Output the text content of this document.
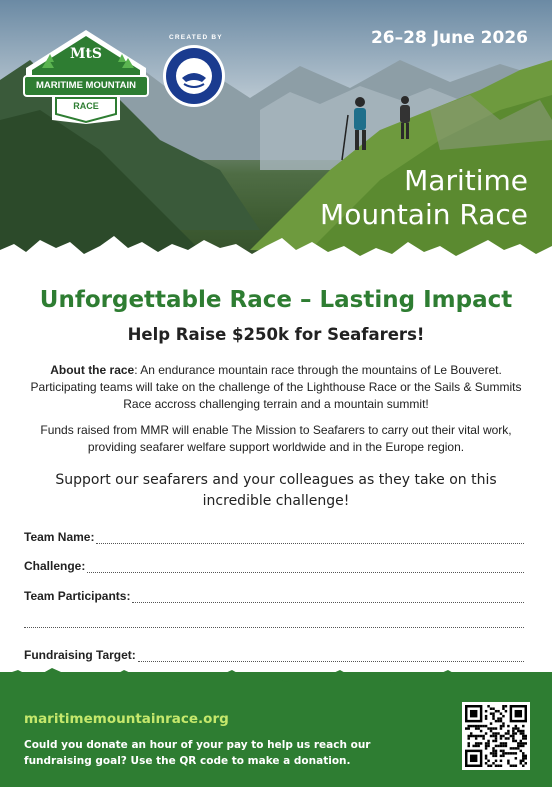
MtS
MARITIME MOUNTAIN
RACE
CREATED BY	26–28 June 2026
Maritime
Mountain Race
Unforgettable Race – Lasting Impact
Help Raise $250k for Seafarers!
About the race: An endurance mountain race through the mountains of Le Bouveret. Participating teams will take on the challenge of the Lighthouse Race or the Sails & Summits Race accross challenging terrain and a mountain summit!
Funds raised from MMR will enable The Mission to Seafarers to carry out their vital work, providing seafarer welfare support worldwide and in the Europe region.
Support our seafarers and your colleagues as they take on this incredible challenge!
Team Name:
Challenge:
Team Participants:
Fundraising Target:
maritimemountainrace.org
Could you donate an hour of your pay to help us reach our fundraising goal? Use the QR code to make a donation.
